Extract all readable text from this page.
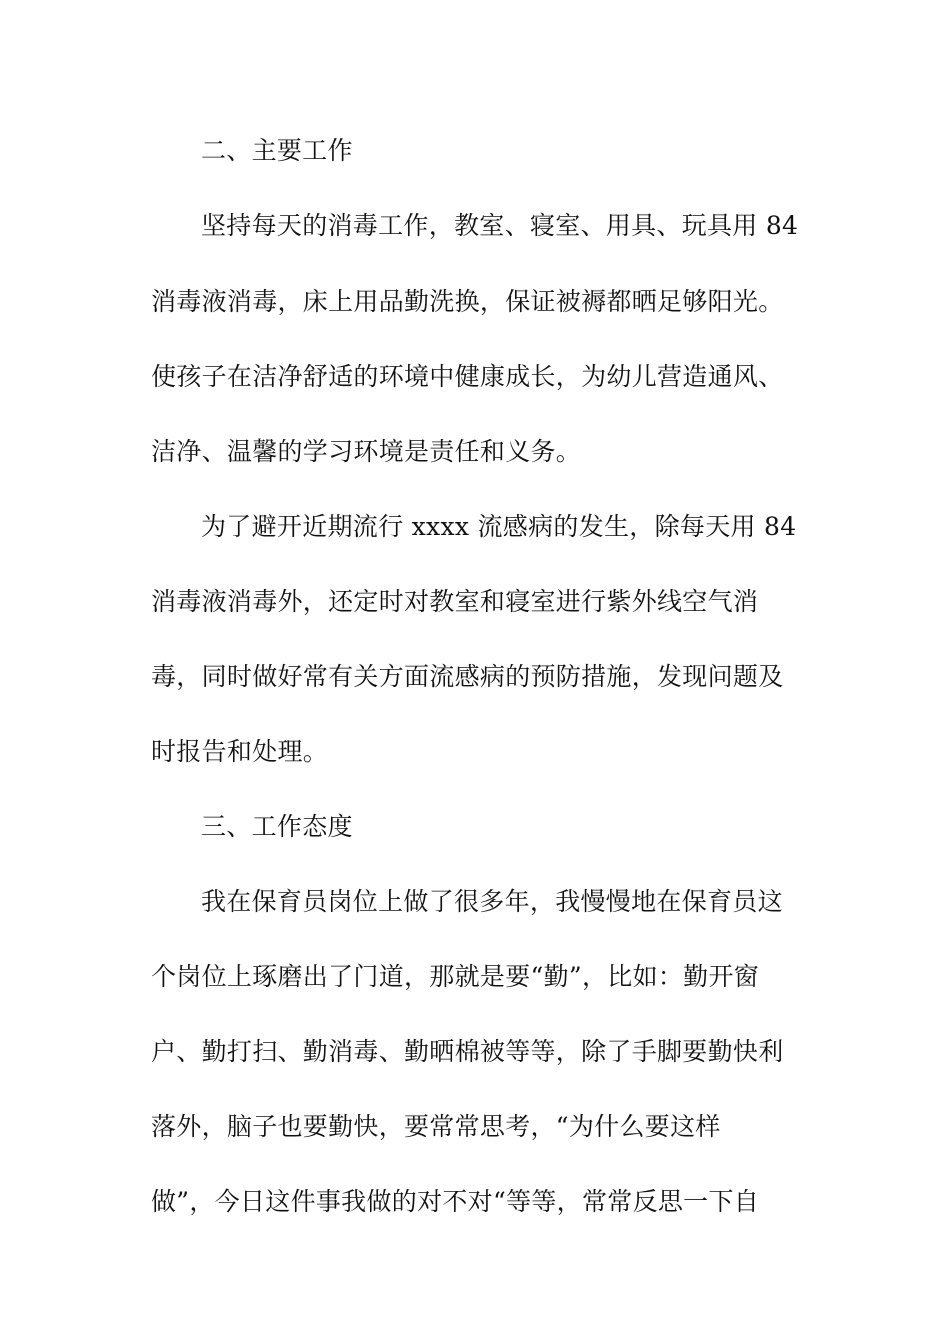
二、主要工作
坚持每天的消毒工作，教室、寝室、用具、玩具用 84
消毒液消毒，床上用品勤洗换，保证被褥都晒足够阳光。
使孩子在洁净舒适的环境中健康成长，为幼儿营造通风、
洁净、温馨的学习环境是责任和义务。
为了避开近期流行 xxxx 流感病的发生，除每天用 84
消毒液消毒外，还定时对教室和寝室进行紫外线空气消
毒，同时做好常有关方面流感病的预防措施，发现问题及
时报告和处理。
三、工作态度
我在保育员岗位上做了很多年，我慢慢地在保育员这
个岗位上琢磨出了门道，那就是要“勤”，比如：勤开窗
户、勤打扫、勤消毒、勤晒棉被等等，除了手脚要勤快利
落外，脑子也要勤快，要常常思考，“为什么要这样
做”，今日这件事我做的对不对“等等，常常反思一下自
